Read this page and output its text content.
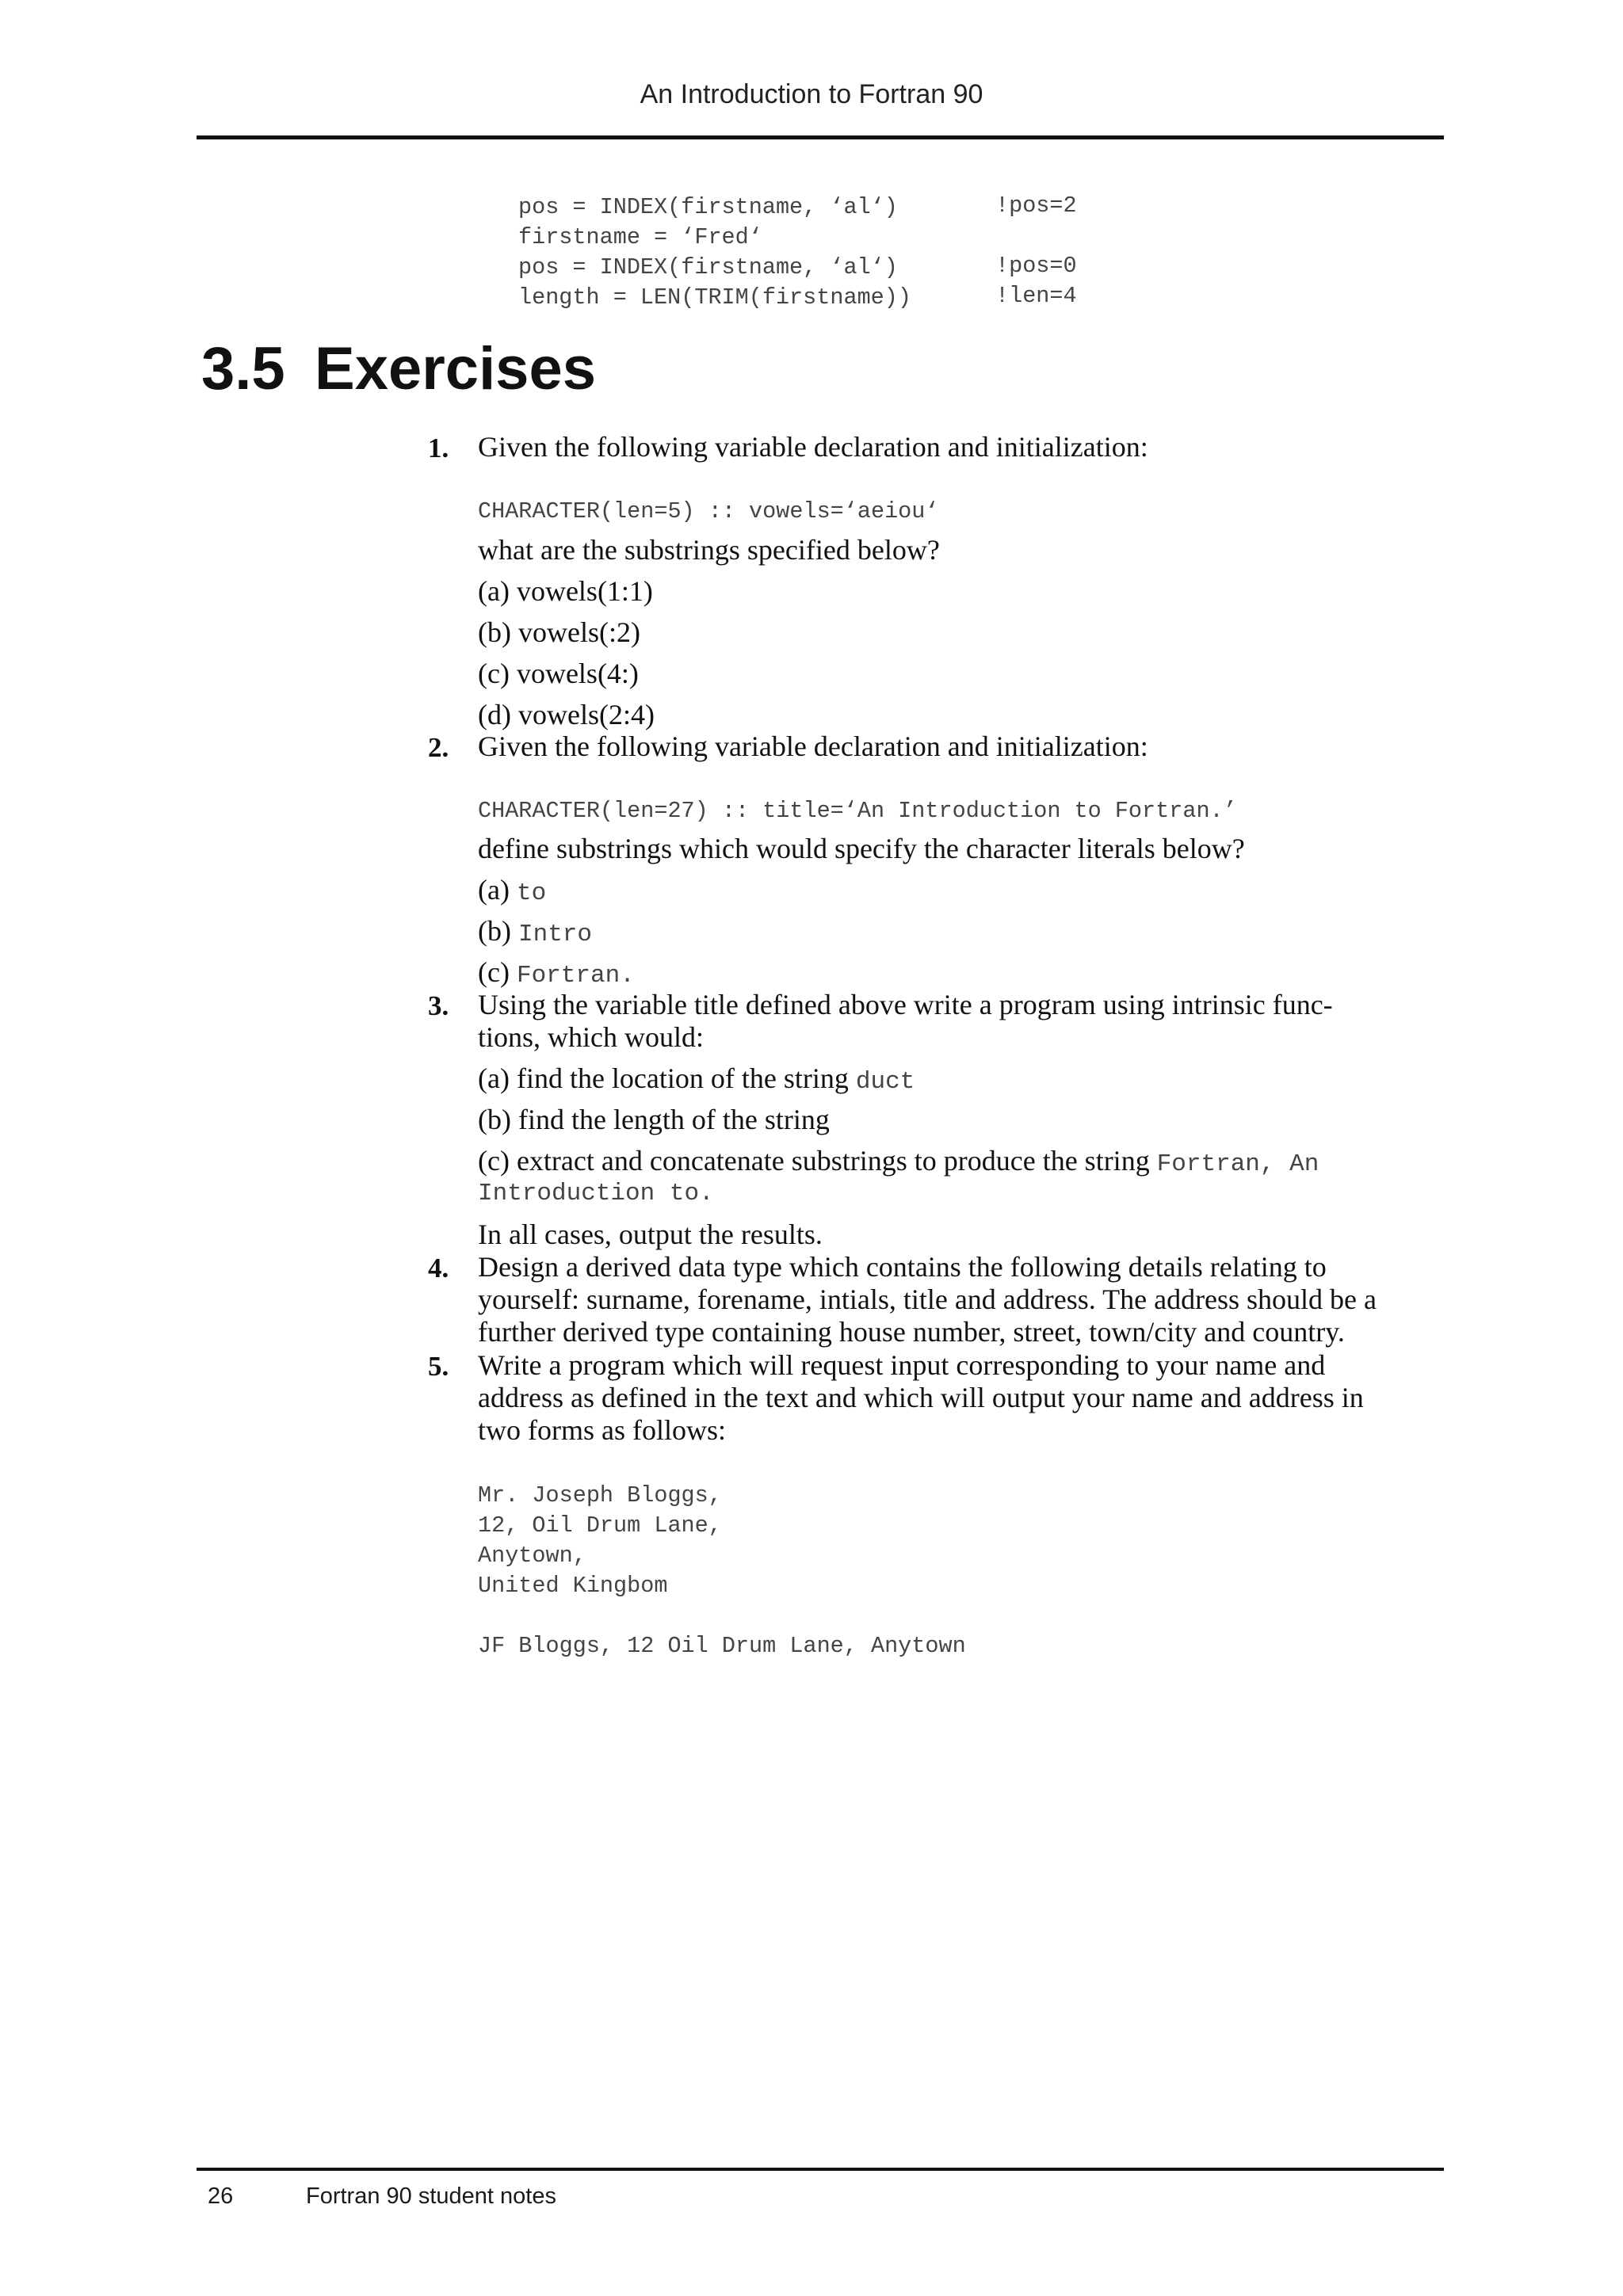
An Introduction to Fortran 90
pos = INDEX(firstname, ‘al‘)	!pos=2
firstname = ‘Fred‘
pos = INDEX(firstname, ‘al‘)	!pos=0
length = LEN(TRIM(firstname))	!len=4
3.5 Exercises
1. Given the following variable declaration and initialization:
CHARACTER(len=5) :: vowels=‘aeiou‘
what are the substrings specified below?
(a) vowels(1:1)
(b) vowels(:2)
(c) vowels(4:)
(d) vowels(2:4)
2. Given the following variable declaration and initialization:
CHARACTER(len=27) :: title=‘An Introduction to Fortran.’
define substrings which would specify the character literals below?
(a) to
(b) Intro
(c) Fortran.
3. Using the variable title defined above write a program using intrinsic func-
tions, which would:
(a) find the location of the string duct
(b) find the length of the string
(c) extract and concatenate substrings to produce the string Fortran, An
Introduction to.
In all cases, output the results.
4. Design a derived data type which contains the following details relating to
yourself: surname, forename, intials, title and address. The address should be a
further derived type containing house number, street, town/city and country.
5. Write a program which will request input corresponding to your name and
address as defined in the text and which will output your name and address in
two forms as follows:
Mr. Joseph Bloggs,
12, Oil Drum Lane,
Anytown,
United Kingbom
JF Bloggs, 12 Oil Drum Lane, Anytown
26	Fortran 90 student notes
